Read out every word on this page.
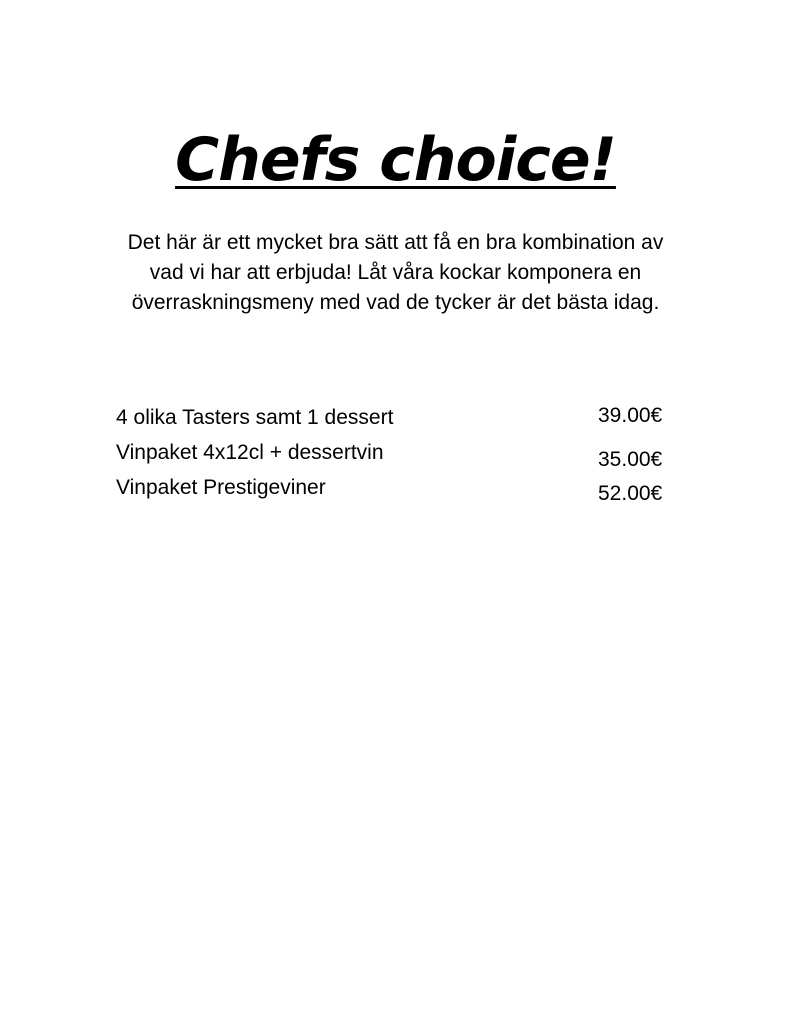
Chefs choice!

Det här är ett mycket bra sätt att få en bra kombination av vad vi har att erbjuda! Låt våra kockar komponera en överraskningsmeny med vad de tycker är det bästa idag.

4 olika Tasters samt 1 dessert	39.00€

Vinpaket 4x12cl + dessertvin	35.00€

Vinpaket Prestigeviner	52.00€
